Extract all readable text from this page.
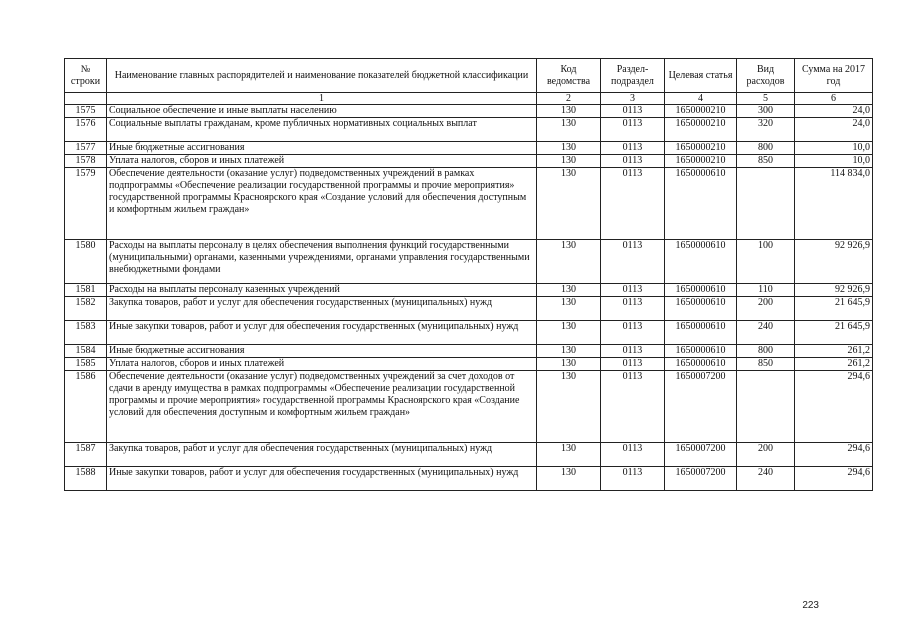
№ строки	Наименование главных распорядителей и наименование показателей бюджетной классификации	Код ведомства	Раздел-подраздел	Целевая статья	Вид расходов	Сумма на 2017 год
	1	2	3	4	5	6
1575	Социальное обеспечение и иные выплаты населению	130	0113	1650000210	300	24,0
1576	Социальные выплаты гражданам, кроме публичных нормативных социальных выплат	130	0113	1650000210	320	24,0
1577	Иные бюджетные ассигнования	130	0113	1650000210	800	10,0
1578	Уплата налогов, сборов и иных платежей	130	0113	1650000210	850	10,0
1579	Обеспечение деятельности (оказание услуг) подведомственных учреждений в рамках подпрограммы «Обеспечение реализации государственной программы и прочие мероприятия» государственной программы Красноярского края «Создание условий для обеспечения доступным и комфортным жильем граждан»	130	0113	1650000610		114 834,0
1580	Расходы на выплаты персоналу в целях обеспечения выполнения функций государственными (муниципальными) органами, казенными учреждениями, органами управления государственными внебюджетными фондами	130	0113	1650000610	100	92 926,9
1581	Расходы на выплаты персоналу казенных учреждений	130	0113	1650000610	110	92 926,9
1582	Закупка товаров, работ и услуг для обеспечения государственных (муниципальных) нужд	130	0113	1650000610	200	21 645,9
1583	Иные закупки товаров, работ и услуг для обеспечения государственных (муниципальных) нужд	130	0113	1650000610	240	21 645,9
1584	Иные бюджетные ассигнования	130	0113	1650000610	800	261,2
1585	Уплата налогов, сборов и иных платежей	130	0113	1650000610	850	261,2
1586	Обеспечение деятельности (оказание услуг) подведомственных учреждений за счет доходов от сдачи в аренду имущества в рамках подпрограммы «Обеспечение реализации государственной программы и прочие мероприятия» государственной программы Красноярского края «Создание условий для обеспечения доступным и комфортным жильем граждан»	130	0113	1650007200		294,6
1587	Закупка товаров, работ и услуг для обеспечения государственных (муниципальных) нужд	130	0113	1650007200	200	294,6
1588	Иные закупки товаров, работ и услуг для обеспечения государственных (муниципальных) нужд	130	0113	1650007200	240	294,6
223
